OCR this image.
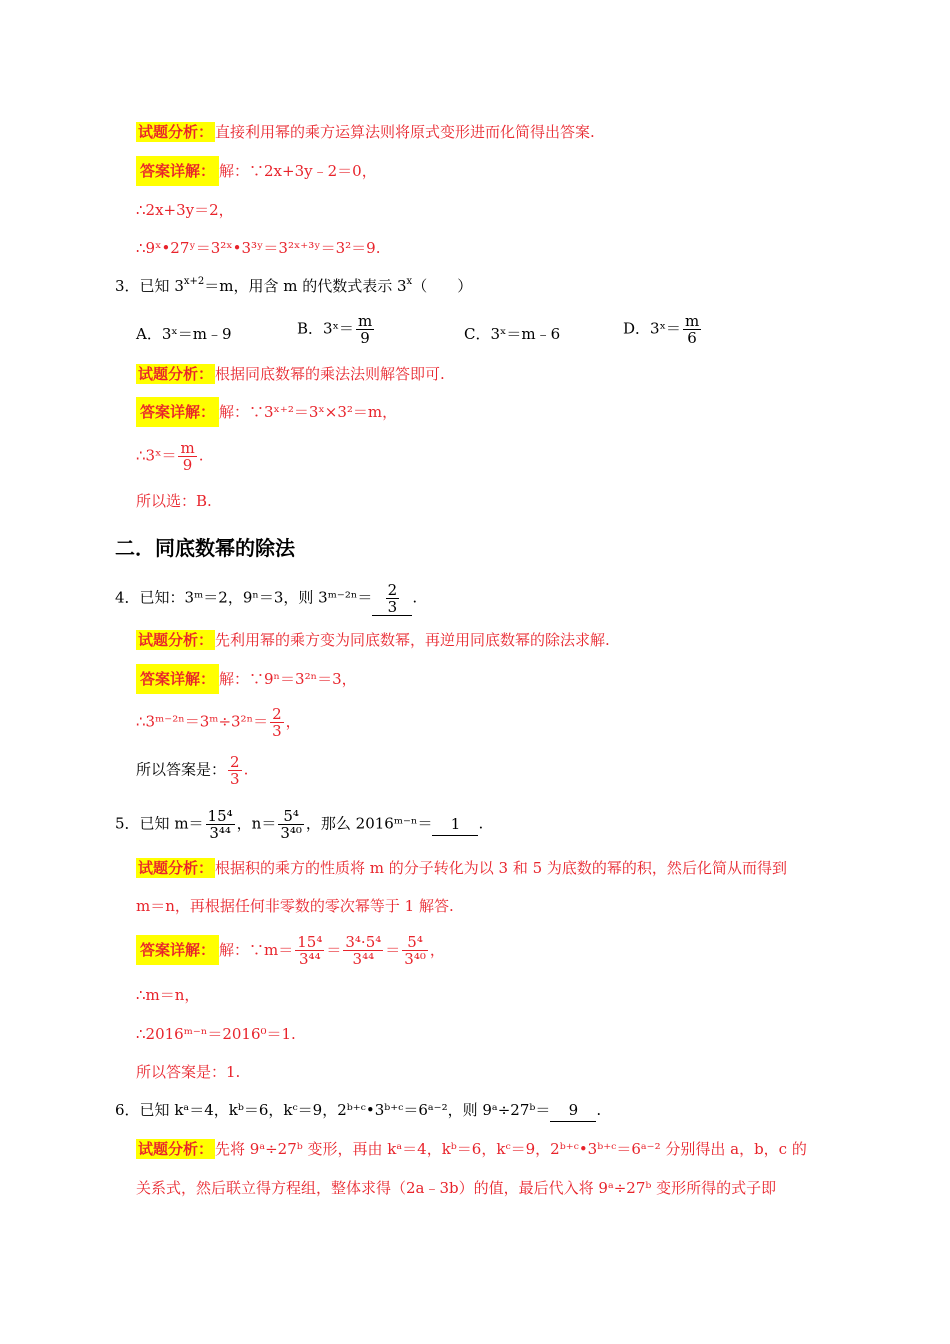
试题分析： 直接利用幂的乘方运算法则将原式变形进而化简得出答案.
答案详解： 解：∵2x+3y﹣2＝0，
∴2x+3y＝2，
∴9ˣ•27ʸ＝3²ˣ•3³ʸ＝3²ˣ⁺³ʸ＝3²＝9.
3．已知 $3^{x+2}=m$，用含 m 的代数式表示 3$^x$（　　）
A．3ˣ＝m﹣9	B．3ˣ＝ $\frac{m}{9}$	C．3ˣ＝m﹣6	D．3ˣ＝ $\frac{m}{6}$
试题分析： 根据同底数幂的乘法法则解答即可.
答案详解： 解：∵3ˣ⁺²＝3ˣ×3²＝m，
∴3ˣ＝ $\frac{m}{9}$ .
所以选：B.
二．同底数幂的除法
4．已知：3ᵐ＝2，9ⁿ＝3，则 3ᵐ⁻²ⁿ＝ $\frac{2}{3}$ .
试题分析： 先利用幂的乘方变为同底数幂，再逆用同底数幂的除法求解.
答案详解： 解：∵9ⁿ＝3²ⁿ＝3，
∴3ᵐ⁻²ⁿ＝3ᵐ÷3²ⁿ＝ $\frac{2}{3}$ ，
所以答案是： $\frac{2}{3}$ .
5．已知 $m= \frac{\text{15⁴}}{\text{3⁴⁴}}$ ，$n= \frac{\text{5⁴}}{\text{3⁴⁰}}$ ，那么 2016ᵐ⁻ⁿ＝ 1 .
试题分析： 根据积的乘方的性质将 m 的分子转化为以 3 和 5 为底数的幂的积，然后化简从而得到
m＝n，再根据任何非零数的零次幂等于 1 解答.
答案详解： 解：∵m＝ $\frac{\text{15⁴}}{\text{3⁴⁴}} = \frac{\text{3⁴·5⁴}}{\text{3⁴⁴}} = \frac{\text{5⁴}}{\text{3⁴⁰}}$ ，
∴m＝n，
∴2016ᵐ⁻ⁿ＝2016⁰＝1.
所以答案是：1.
6．已知 kᵃ＝4，kᵇ＝6，kᶜ＝9，2ᵇ⁺ᶜ•3ᵇ⁺ᶜ＝6ᵃ⁻²，则 9ᵃ÷27ᵇ＝ 9 .
试题分析： 先将 9ᵃ÷27ᵇ 变形，再由 kᵃ＝4，kᵇ＝6，kᶜ＝9，2ᵇ⁺ᶜ•3ᵇ⁺ᶜ＝6ᵃ⁻² 分别得出 a，b，c 的
关系式，然后联立得方程组，整体求得（2a﹣3b）的值，最后代入将 9ᵃ÷27ᵇ 变形所得的式子即
